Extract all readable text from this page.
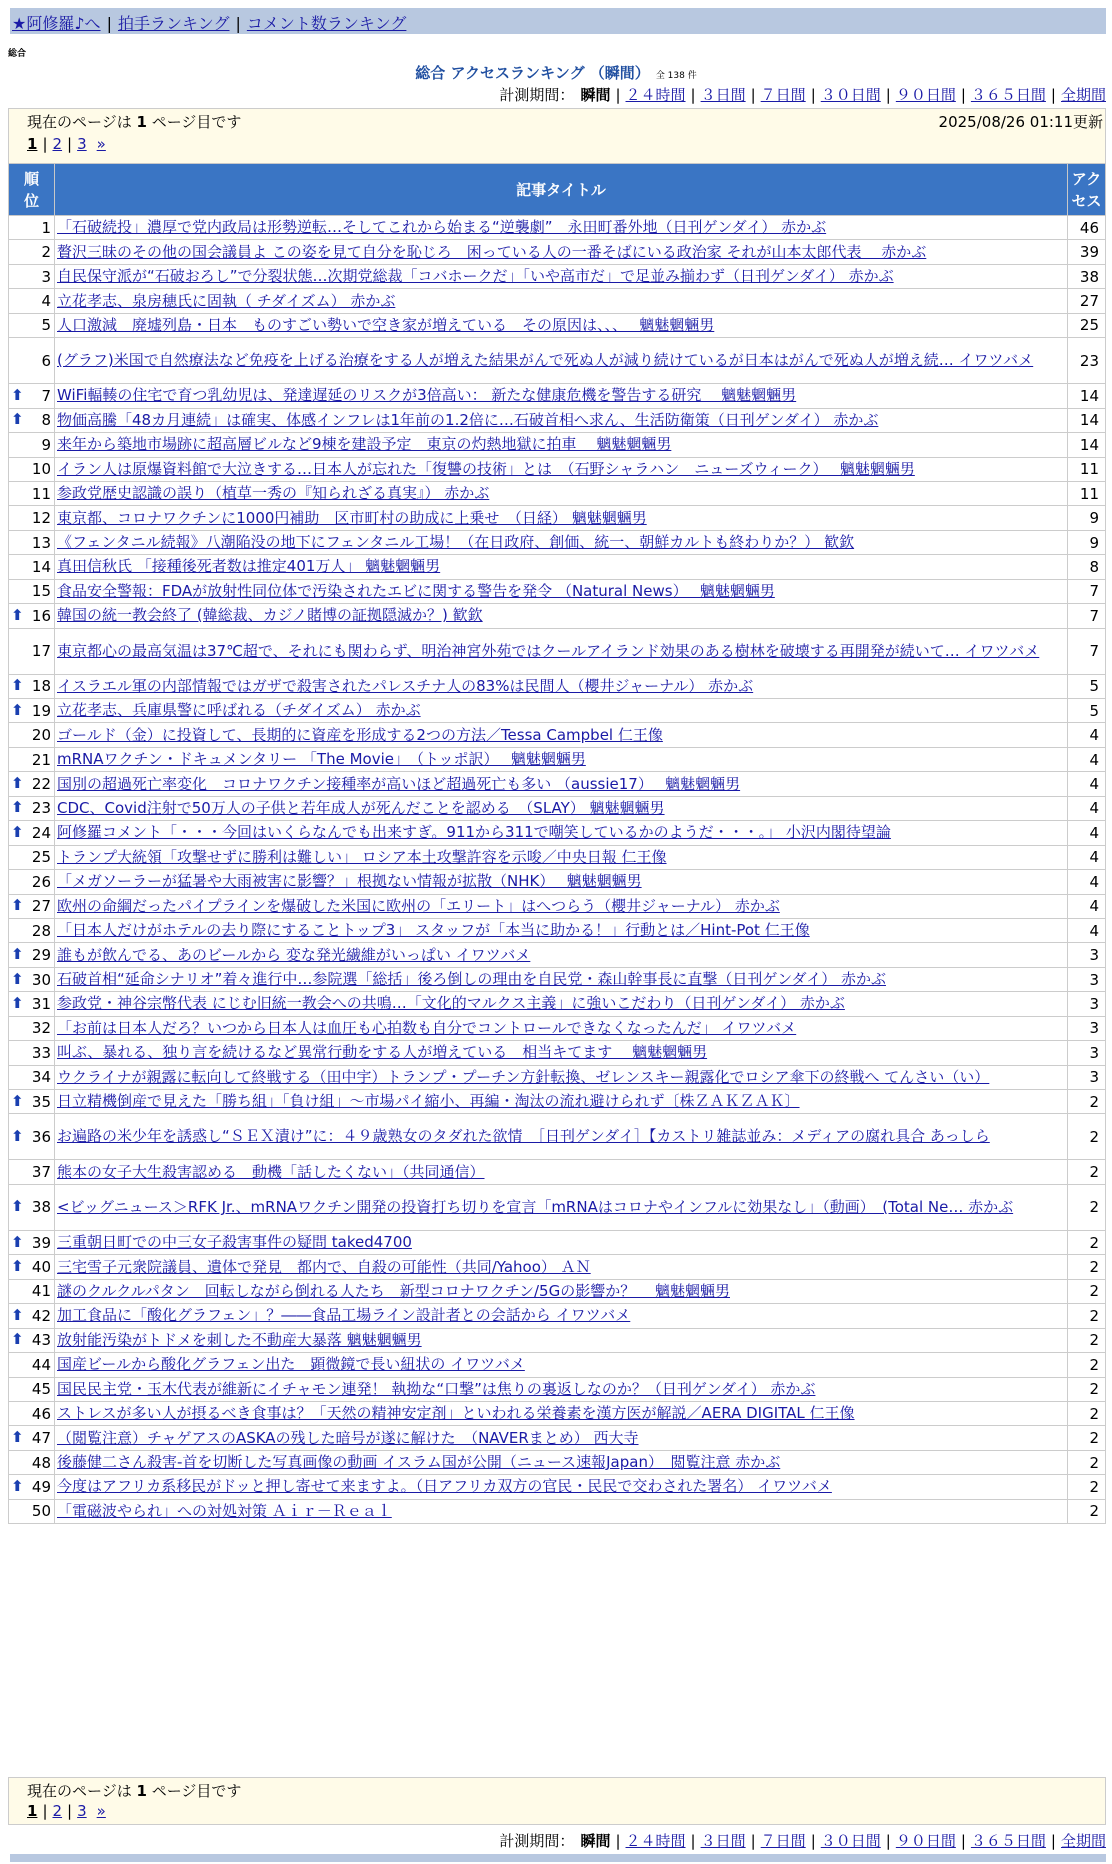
★阿修羅♪へ | 拍手ランキング | コメント数ランキング
総合
総合 アクセスランキング （瞬間） 全 138 件
計測期間： 瞬間 | ２４時間 | ３日間 | ７日間 | ３０日間 | ９０日間 | ３６５日間 | 全期間
現在のページは 1 ページ目です	2025/08/26 01:11更新
1 | 2 | 3 »
順位	記事タイトル	アクセス
1	「石破続投」濃厚で党内政局は形勢逆転…そしてこれから始まる“逆襲劇”　永田町番外地（日刊ゲンダイ） 赤かぶ	46
2	贅沢三昧のその他の国会議員よ この姿を見て自分を恥じろ　困っている人の一番そばにいる政治家 それが山本太郎代表　 赤かぶ	39
3	自民保守派が“石破おろし”で分裂状態…次期党総裁「コバホークだ」「いや高市だ」で足並み揃わず（日刊ゲンダイ） 赤かぶ	38
4	立花孝志、泉房穂氏に固執（ チダイズム） 赤かぶ	27
5	人口激減　廃墟列島・日本　ものすごい勢いで空き家が増えている　その原因は、、、　 魑魅魍魎男	25
6	(グラフ)米国で自然療法など免疫を上げる治療をする人が増えた結果がんで死ぬ人が減り続けているが日本はがんで死ぬ人が増え続… イワツバメ	23

⬆ 7	WiFi輻輳の住宅で育つ乳幼児は、発達遅延のリスクが3倍高い： 新たな健康危機を警告する研究　 魑魅魍魎男	14

⬆ 8	物価高騰「48カ月連続」は確実、体感インフレは1年前の1.2倍に…石破首相へ求ん、生活防衛策（日刊ゲンダイ） 赤かぶ	14
9	来年から築地市場跡に超高層ビルなど9棟を建設予定　東京の灼熱地獄に拍車　 魑魅魍魎男	14
10	イラン人は原爆資料館で大泣きする…日本人が忘れた「復讐の技術」とは　（石野シャラハン　ニューズウィーク）　 魑魅魍魎男	11
11	参政党歴史認識の誤り（植草一秀の『知られざる真実』） 赤かぶ	11
12	東京都、コロナワクチンに1000円補助　区市町村の助成に上乗せ　（日経） 魑魅魍魎男	9
13	《フェンタニル続報》八潮陥没の地下にフェンタニル工場！（在日政府、創価、統一、朝鮮カルトも終わりか？） 歓欽	9
14	真田信秋氏 「接種後死者数は推定401万人」 魑魅魍魎男	8
15	食品安全警報：FDAが放射性同位体で汚染されたエビに関する警告を発令 （Natural News）　 魑魅魍魎男	7

⬆ 16	韓国の統一教会終了 (韓総裁、カジノ賭博の証拠隠滅か？) 歓欽	7
17	東京都心の最高気温は37℃超で、それにも関わらず、明治神宮外苑ではクールアイランド効果のある樹林を破壊する再開発が続いて… イワツバメ	7

⬆ 18	イスラエル軍の内部情報ではガザで殺害されたパレスチナ人の83%は民間人（櫻井ジャーナル） 赤かぶ	5

⬆ 19	立花孝志、兵庫県警に呼ばれる（チダイズム） 赤かぶ	5
20	ゴールド（金）に投資して、長期的に資産を形成する2つの方法／Tessa Campbel 仁王像	4
21	mRNAワクチン・ドキュメンタリー 「The Movie」　（トッポ訳）　 魑魅魍魎男	4

⬆ 22	国別の超過死亡率変化　コロナワクチン接種率が高いほど超過死亡も多い （aussie17）　 魑魅魍魎男	4

⬆ 23	CDC、Covid注射で50万人の子供と若年成人が死んだことを認める　（SLAY） 魑魅魍魎男	4

⬆ 24	阿修羅コメント「・・・今回はいくらなんでも出来すぎ。911から311で嘲笑しているかのようだ・・・。」 小沢内閣待望論	4
25	トランプ大統領「攻撃せずに勝利は難しい」 ロシア本土攻撃許容を示唆／中央日報 仁王像	4
26	「メガソーラーが猛暑や大雨被害に影響？」根拠ない情報が拡散（NHK）　 魑魅魍魎男	4

⬆ 27	欧州の命綱だったパイプラインを爆破した米国に欧州の「エリート」はへつらう（櫻井ジャーナル） 赤かぶ	4
28	「日本人だけがホテルの去り際にすることトップ3」 スタッフが「本当に助かる！」行動とは／Hint-Pot 仁王像	4

⬆ 29	誰もが飲んでる、あのビールから 変な発光繊維がいっぱい イワツバメ	3

⬆ 30	石破首相“延命シナリオ”着々進行中…参院選「総括」後ろ倒しの理由を自民党・森山幹事長に直撃（日刊ゲンダイ） 赤かぶ	3

⬆ 31	参政党・神谷宗幣代表 にじむ旧統一教会への共鳴…「文化的マルクス主義」に強いこだわり（日刊ゲンダイ） 赤かぶ	3
32	「お前は日本人だろ？いつから日本人は血圧も心拍数も自分でコントロールできなくなったんだ」 イワツバメ	3
33	叫ぶ、暴れる、独り言を続けるなど異常行動をする人が増えている　相当キてます　 魑魅魍魎男	3
34	ウクライナが親露に転向して終戦する（田中宇）トランプ・プーチン方針転換、ゼレンスキー親露化でロシア傘下の終戦へ てんさい（い）	3

⬆ 35	日立精機倒産で見えた「勝ち組」「負け組」～市場パイ縮小、再編・淘汰の流れ避けられず〔株ＺＡＫＺＡＫ〕	2

⬆ 36	お遍路の米少年を誘惑し“ＳＥＸ漬け”に：４９歳熟女のタダれた欲情　［日刊ゲンダイ］【カストリ雑誌並み：メディアの腐れ具合 あっしら	2
37	熊本の女子大生殺害認める　動機「話したくない」（共同通信）	2

⬆ 38	<ビッグニュース＞RFK Jr.、mRNAワクチン開発の投資打ち切りを宣言「mRNAはコロナやインフルに効果なし」（動画）　(Total Ne… 赤かぶ	2

⬆ 39	三重朝日町での中三女子殺害事件の疑問 taked4700	2

⬆ 40	三宅雪子元衆院議員、遺体で発見　都内で、自殺の可能性（共同/Yahoo） ＡＮ	2
41	謎のクルクルパタン　回転しながら倒れる人たち　新型コロナワクチン/5Gの影響か？　 魑魅魍魎男	2

⬆ 42	加工食品に「酸化グラフェン」？――食品工場ライン設計者との会話から イワツバメ	2

⬆ 43	放射能汚染がトドメを刺した不動産大暴落 魑魅魍魎男	2
44	国産ビールから酸化グラフェン出た　顕微鏡で長い紐状の イワツバメ	2
45	国民民主党・玉木代表が維新にイチャモン連発！ 執拗な“口撃”は焦りの裏返しなのか？（日刊ゲンダイ） 赤かぶ	2
46	ストレスが多い人が摂るべき食事は？「天然の精神安定剤」といわれる栄養素を漢方医が解説／AERA DIGITAL 仁王像	2

⬆ 47	（閲覧注意）チャゲアスのASKAの残した暗号が遂に解けた　（NAVERまとめ） 西大寺	2
48	後藤健二さん殺害-首を切断した写真画像の動画 イスラム国が公開（ニュース速報Japan）　閲覧注意 赤かぶ	2

⬆ 49	今度はアフリカ系移民がドッと押し寄せて来ますよ。（日アフリカ双方の官民・民民で交わされた署名） イワツバメ	2
50	「電磁波やられ」への対処対策 Ａｉｒ－Ｒｅａｌ	2
現在のページは 1 ページ目です
1 | 2 | 3 »
計測期間： 瞬間 | ２４時間 | ３日間 | ７日間 | ３０日間 | ９０日間 | ３６５日間 | 全期間
